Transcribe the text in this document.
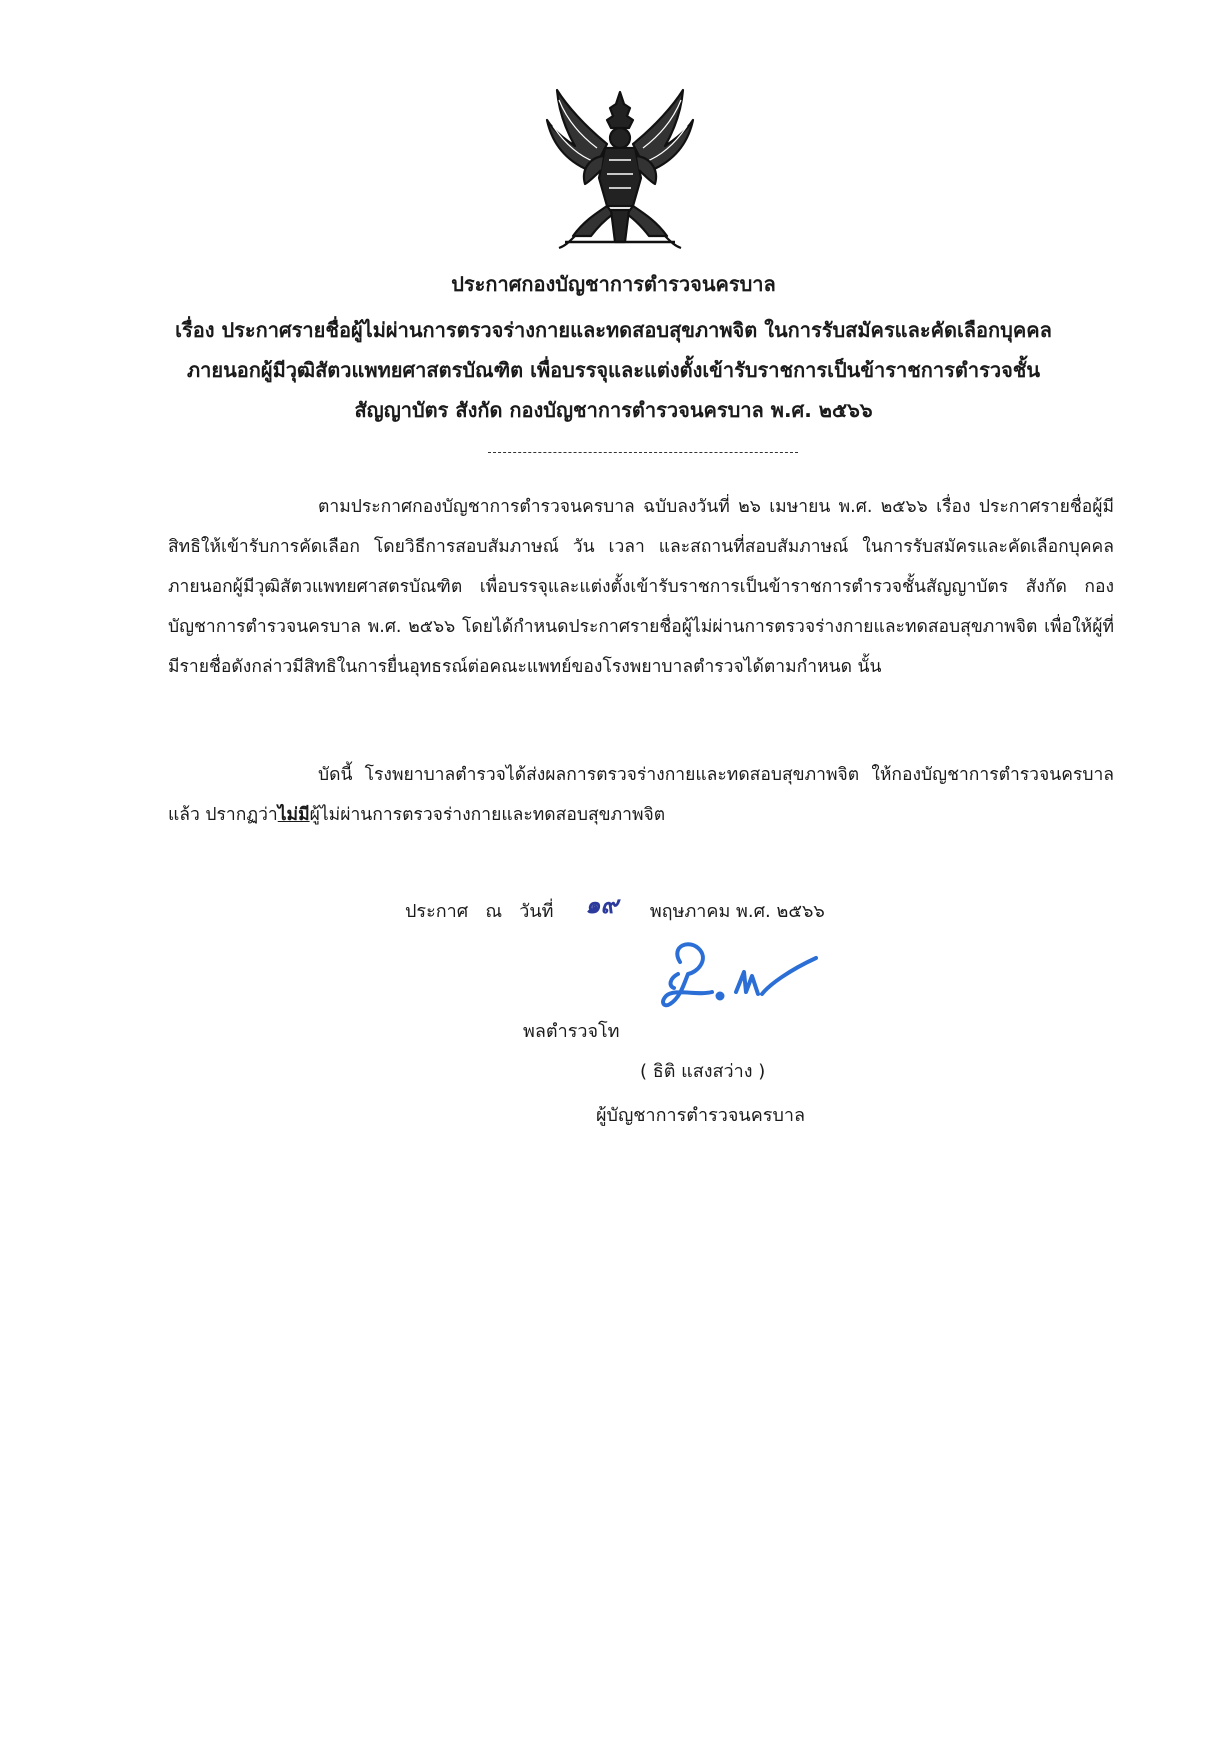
ประกาศกองบัญชาการตำรวจนครบาล
เรื่อง ประกาศรายชื่อผู้ไม่ผ่านการตรวจร่างกายและทดสอบสุขภาพจิต ในการรับสมัครและคัดเลือกบุคคลภายนอกผู้มีวุฒิสัตวแพทยศาสตรบัณฑิต เพื่อบรรจุและแต่งตั้งเข้ารับราชการเป็นข้าราชการตำรวจชั้นสัญญาบัตร สังกัด กองบัญชาการตำรวจนครบาล พ.ศ. ๒๕๖๖
ตามประกาศกองบัญชาการตำรวจนครบาล ฉบับลงวันที่ ๒๖ เมษายน พ.ศ. ๒๕๖๖ เรื่อง ประกาศรายชื่อผู้มีสิทธิให้เข้ารับการคัดเลือก โดยวิธีการสอบสัมภาษณ์ วัน เวลา และสถานที่สอบสัมภาษณ์ ในการรับสมัครและคัดเลือกบุคคลภายนอกผู้มีวุฒิสัตวแพทยศาสตรบัณฑิต เพื่อบรรจุและแต่งตั้งเข้ารับราชการเป็นข้าราชการตำรวจชั้นสัญญาบัตร สังกัด กองบัญชาการตำรวจนครบาล พ.ศ. ๒๕๖๖ โดยได้กำหนดประกาศรายชื่อผู้ไม่ผ่านการตรวจร่างกายและทดสอบสุขภาพจิต เพื่อให้ผู้ที่มีรายชื่อดังกล่าวมีสิทธิในการยื่นอุทธรณ์ต่อคณะแพทย์ของโรงพยาบาลตำรวจได้ตามกำหนด นั้น
บัดนี้ โรงพยาบาลตำรวจได้ส่งผลการตรวจร่างกายและทดสอบสุขภาพจิต ให้กองบัญชาการตำรวจนครบาลแล้ว ปรากฏว่าไม่มีผู้ไม่ผ่านการตรวจร่างกายและทดสอบสุขภาพจิต
ประกาศ ณ วันที่ ๑๙ พฤษภาคม พ.ศ. ๒๕๖๖
พลตำรวจโท
( ธิติ แสงสว่าง )
ผู้บัญชาการตำรวจนครบาล
